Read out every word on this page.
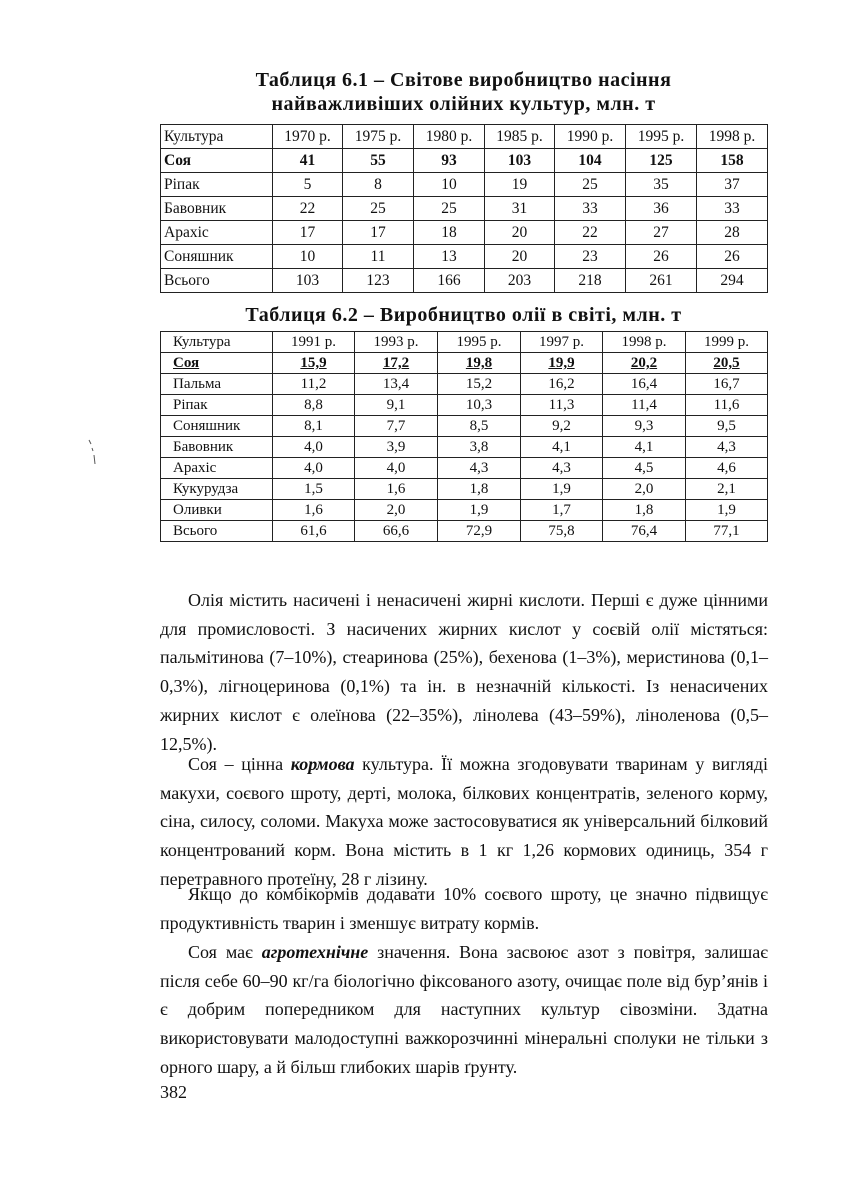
Таблиця 6.1 – Світове виробництво насіння
найважливіших олійних культур, млн. т
Культура	1970 р.	1975 р.	1980 р.	1985 р.	1990 р.	1995 р.	1998 р.
Соя	41	55	93	103	104	125	158
Ріпак	5	8	10	19	25	35	37
Бавовник	22	25	25	31	33	36	33
Арахіс	17	17	18	20	22	27	28
Соняшник	10	11	13	20	23	26	26
Всього	103	123	166	203	218	261	294
Таблиця 6.2 – Виробництво олії в світі, млн. т
Культура	1991 р.	1993 р.	1995 р.	1997 р.	1998 р.	1999 р.
Соя	15,9	17,2	19,8	19,9	20,2	20,5
Пальма	11,2	13,4	15,2	16,2	16,4	16,7
Ріпак	8,8	9,1	10,3	11,3	11,4	11,6
Соняшник	8,1	7,7	8,5	9,2	9,3	9,5
Бавовник	4,0	3,9	3,8	4,1	4,1	4,3
Арахіс	4,0	4,0	4,3	4,3	4,5	4,6
Кукурудза	1,5	1,6	1,8	1,9	2,0	2,1
Оливки	1,6	2,0	1,9	1,7	1,8	1,9
Всього	61,6	66,6	72,9	75,8	76,4	77,1
Олія містить насичені і ненасичені жирні кислоти. Перші є дуже цінними для промисловості. З насичених жирних кислот у соєвій олії містяться: пальмітинова (7–10%), стеаринова (25%), бехенова (1–3%), меристинова (0,1–0,3%), лігноцеринова (0,1%) та ін. в незначній кількості. Із ненасичених жирних кислот є олеїнова (22–35%), лінолева (43–59%), ліноленова (0,5–12,5%).
Соя – цінна кормова культура. Її можна згодовувати тваринам у вигляді макухи, соєвого шроту, дерті, молока, білкових концентратів, зеленого корму, сіна, силосу, соломи. Макуха може застосовуватися як універсальний білковий концентрований корм. Вона містить в 1 кг 1,26 кормових одиниць, 354 г перетравного протеїну, 28 г лізину.
Якщо до комбікормів додавати 10% соєвого шроту, це значно підвищує продуктивність тварин і зменшує витрату кормів.
Соя має агротехнічне значення. Вона засвоює азот з повітря, залишає після себе 60–90 кг/га біологічно фіксованого азоту, очищає поле від бур’янів і є добрим попередником для наступних культур сівозміни. Здатна використовувати малодоступні важкорозчинні мінеральні сполуки не тільки з орного шару, а й більш глибоких шарів ґрунту.
382
